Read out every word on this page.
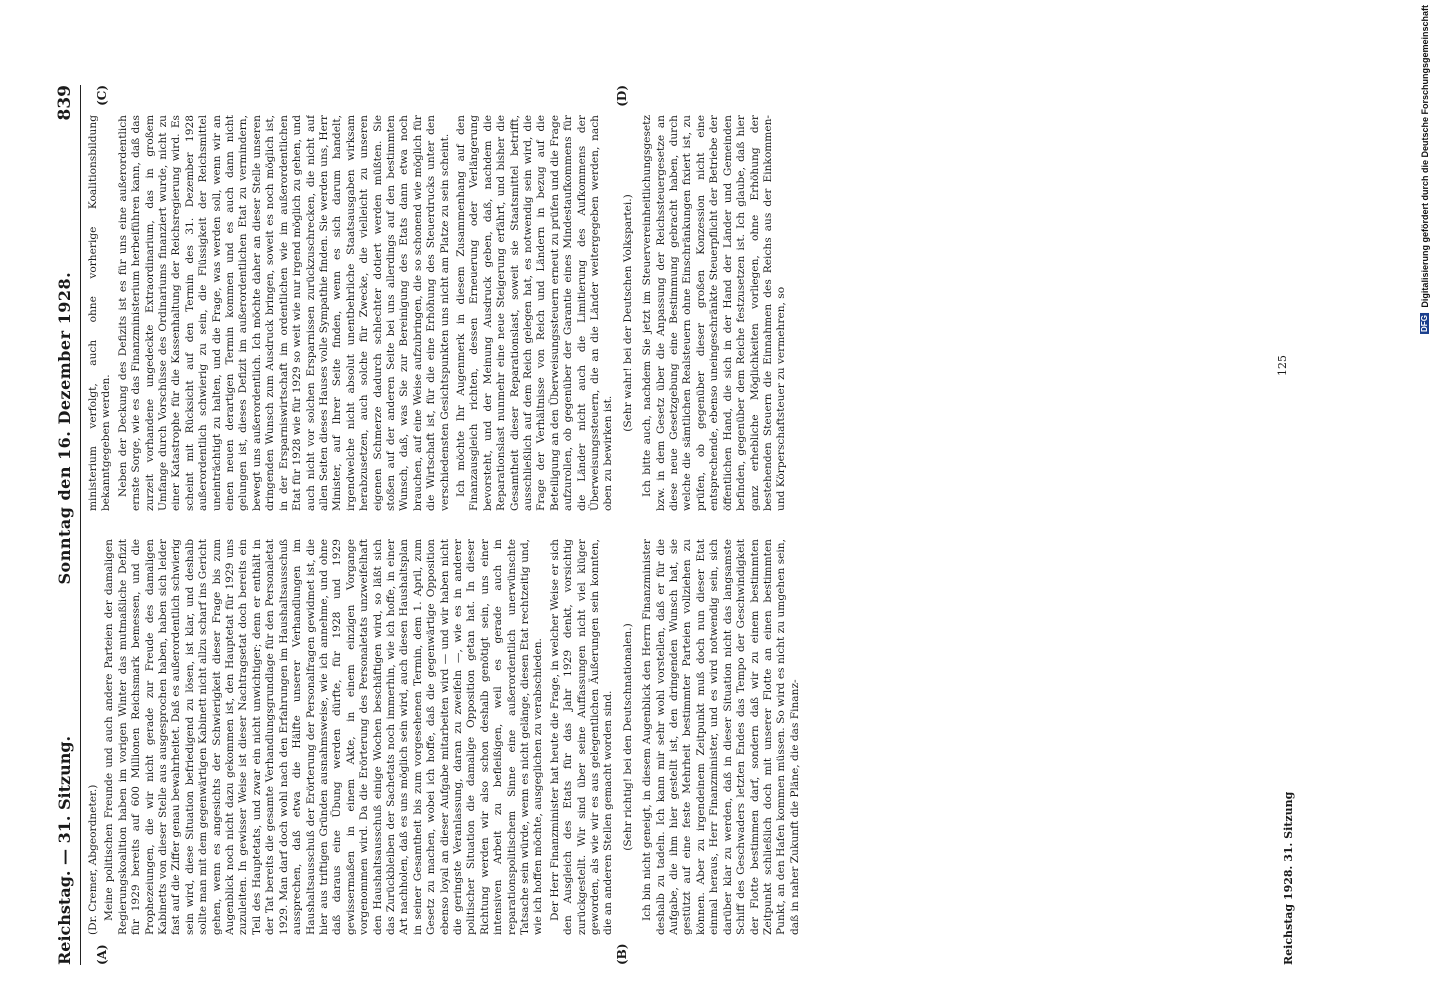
Reichstag. — 31. Sitzung.
Sonntag den 16. Dezember 1928.
839
(A)	(B)
(C)	(D)

(Dr. Cremer, Abgeordneter.) Meine politischen Freunde und auch andere Parteien der damaligen Regierungskoalition haben im vorigen Winter das mutmaßliche Defizit für 1929 bereits auf 600 Millionen Reichsmark bemessen, und die Prophezeiungen, die wir nicht gerade zur Freude des damaligen Kabinetts von dieser Stelle aus ausgesprochen haben, haben sich leider fast auf die Ziffer genau bewahrheitet. Daß es außerordentlich schwierig sein wird, diese Situation befriedigend zu lösen, ist klar, und deshalb sollte man mit dem gegenwärtigen Kabinett nicht allzu scharf ins Gericht gehen, wenn es angesichts der Schwierigkeit dieser Frage bis zum Augenblick noch nicht dazu gekommen ist, den Hauptetat für 1929 uns zuzuleiten. In gewisser Weise ist dieser Nachtragsetat doch bereits ein Teil des Hauptetats, und zwar ein nicht unwichtiger; denn er enthält in der Tat bereits die gesamte Verhandlungsgrundlage für den Personaletat 1929. Man darf doch wohl nach den Erfahrungen im Haushaltsausschuß aussprechen, daß etwa die Hälfte unserer Verhandlungen im Haushaltsausschuß der Erörterung der Personalfragen gewidmet ist, die hier aus triftigen Gründen ausnahmsweise, wie ich annehme, und ohne daß daraus eine Übung werden dürfte, für 1928 und 1929 gewissermaßen in einem Akte, in einem einzigen Vorgange vorgenommen wird. Da die Erörterung des Personaletats unzweifelhaft den Haushaltsausschuß einige Wochen beschäftigen wird, so läßt sich das Zurückbleiben der Sachetats noch immerhin, wie ich hoffe, in einer Art nachholen, daß es uns möglich sein wird, auch diesen Haushaltsplan in seiner Gesamtheit bis zum vorgesehenen Termin, dem 1. April, zum Gesetz zu machen, wobei ich hoffe, daß die gegenwärtige Opposition ebenso loyal an dieser Aufgabe mitarbeiten wird — und wir haben nicht die geringste Veranlassung, daran zu zweifeln —, wie es in anderer politischer Situation die damalige Opposition getan hat. In dieser Richtung werden wir also schon deshalb genötigt sein, uns einer intensiven Arbeit zu befleißigen, weil es gerade auch in reparationspolitischem Sinne eine außerordentlich unerwünschte Tatsache sein würde, wenn es nicht gelänge, diesen Etat rechtzeitig und, wie ich hoffen möchte, ausgeglichen zu verabschieden. Der Herr Finanzminister hat heute die Frage, in welcher Weise er sich den Ausgleich des Etats für das Jahr 1929 denkt, vorsichtig zurückgestellt. Wir sind über seine Auffassungen nicht viel klüger geworden, als wie wir es aus gelegentlichen Äußerungen sein konnten, die an anderen Stellen gemacht worden sind. (Sehr richtig! bei den Deutschnationalen.) Ich bin nicht geneigt, in diesem Augenblick den Herrn Finanzminister deshalb zu tadeln. Ich kann mir sehr wohl vorstellen, daß er für die Aufgabe, die ihm hier gestellt ist, den dringenden Wunsch hat, sie gestützt auf eine feste Mehrheit bestimmter Parteien vollziehen zu können. Aber zu irgendeinem Zeitpunkt muß doch nun dieser Etat einmal heraus, Herr Finanzminister, und es wird notwendig sein, sich darüber klar zu werden, daß in dieser Situation nicht das langsamste Schiff des Geschwaders letzten Endes das Tempo der Geschwindigkeit der Flotte bestimmen darf, sondern daß wir zu einem bestimmten Zeitpunkt schließlich doch mit unserer Flotte an einen bestimmten Punkt, an den Hafen kommen müssen. So wird es nicht zu umgehen sein, daß in naher Zukunft die Pläne, die das Finanz-

ministerium verfolgt, auch ohne vorherige Koalitionsbildung bekanntgegeben werden. Neben der Deckung des Defizits ist es für uns eine außerordentlich ernste Sorge, wie es das Finanzministerium herbeiführen kann, daß das zurzeit vorhandene ungedeckte Extraordinarium, das in großem Umfange durch Vorschüsse des Ordinariums finanziert wurde, nicht zu einer Katastrophe für die Kassenhaltung der Reichsregierung wird. Es scheint mit Rücksicht auf den Termin des 31. Dezember 1928 außerordentlich schwierig zu sein, die Flüssigkeit der Reichsmittel uneinträchtigt zu halten, und die Frage, was werden soll, wenn wir an einen neuen derartigen Termin kommen und es auch dann nicht gelungen ist, dieses Defizit im außerordentlichen Etat zu vermindern, bewegt uns außerordentlich. Ich möchte daher an dieser Stelle unseren dringenden Wunsch zum Ausdruck bringen, soweit es noch möglich ist, in der Ersparniswirtschaft im ordentlichen wie im außerordentlichen Etat für 1928 wie für 1929 so weit wie nur irgend möglich zu gehen, und auch nicht vor solchen Ersparnissen zurückzuschrecken, die nicht auf allen Seiten dieses Hauses volle Sympathie finden. Sie werden uns, Herr Minister, auf Ihrer Seite finden, wenn es sich darum handelt, irgendwelche nicht absolut unentbehrliche Staatsausgaben wirksam herabzusetzen, auch solche für Zwecke, die vielleicht zu unseren eigenen Schmerze dadurch schlechter dotiert werden müßten. Sie stoßen auf der anderen Seite bei uns allerdings auf den bestimmten Wunsch, daß, was Sie zur Bereinigung des Etats dann etwa noch brauchen, auf eine Weise aufzubringen, die so schonend wie möglich für die Wirtschaft ist, für die eine Erhöhung des Steuerdrucks unter den verschiedensten Gesichtspunkten uns nicht am Platze zu sein scheint. Ich möchte Ihr Augenmerk in diesem Zusammenhang auf den Finanzausgleich richten, dessen Erneuerung oder Verlängerung bevorsteht, und der Meinung Ausdruck geben, daß, nachdem die Reparationslast nunmehr eine neue Steigerung erfährt, und bisher die Gesamtheit dieser Reparationslast, soweit sie Staatsmittel betrifft, ausschließlich auf dem Reich gelegen hat, es notwendig sein wird, die Frage der Verhältnisse von Reich und Ländern in bezug auf die Beteiligung an den Überweisungssteuern erneut zu prüfen und die Frage aufzurollen, ob gegenüber der Garantie eines Mindestaufkommens für die Länder nicht auch die Limitierung des Aufkommens der Überweisungssteuern, die an die Länder weitergegeben werden, nach oben zu bewirken ist.

(Sehr wahr! bei der Deutschen Volkspartei.) Ich bitte auch, nachdem Sie jetzt im Steuervereinheitlichungsgesetz bzw. in dem Gesetz über die Anpassung der Reichssteuergesetze an diese neue Gesetzgebung eine Bestimmung gebracht haben, durch welche die sämtlichen Realsteuern ohne Einschränkungen fixiert ist, zu prüfen, ob gegenüber dieser großen Konzession nicht eine entsprechende, ebenso uneingeschränkte Steuerpflicht der Betriebe der öffentlichen Hand, die sich in der Hand der Länder und Gemeinden befinden, gegenüber dem Reiche festzusetzen ist. Ich glaube, daß hier ganz erhebliche Möglichkeiten vorliegen, ohne Erhöhung der bestehenden Steuern die Einnahmen des Reichs aus der Einkommen- und Körperschaftsteuer zu vermehren, so

Reichstag 1928. 31. Sitzung
125
DFG Digitalisierung gefördert durch die Deutsche Forschungsgemeinschaft
